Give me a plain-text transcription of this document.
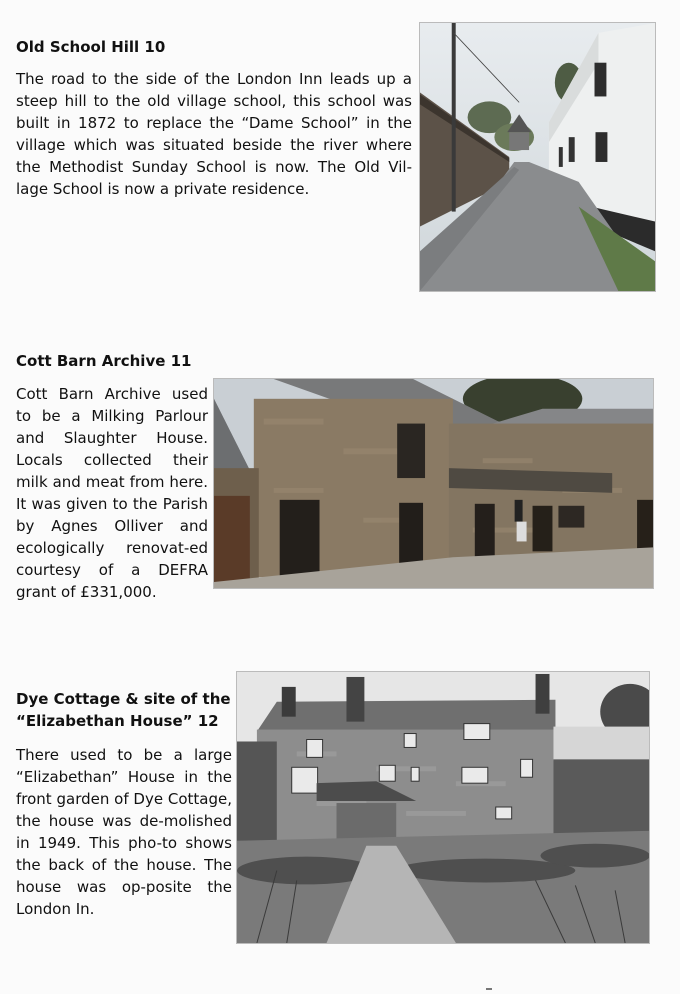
Old School Hill 10

The road to the side of the London Inn leads up a steep hill to the old village school, this school was built in 1872 to replace the “Dame School” in the village which was situated beside the river where the Methodist Sunday School is now. The Old Vil-lage School is now a private residence.

Cott Barn Archive 11

Cott Barn Archive used to be a Milking Parlour and Slaughter House. Locals collected their milk and meat from here. It was given to the Parish by Agnes Olliver and ecologically renovat-ed courtesy of a DEFRA grant of £331,000.

Dye Cottage & site of the
“Elizabethan House” 12

There used to be a large “Elizabethan” House in the front garden of Dye Cottage, the house was de-molished in 1949. This pho-to shows the back of the house. The house was op-posite the London In.
